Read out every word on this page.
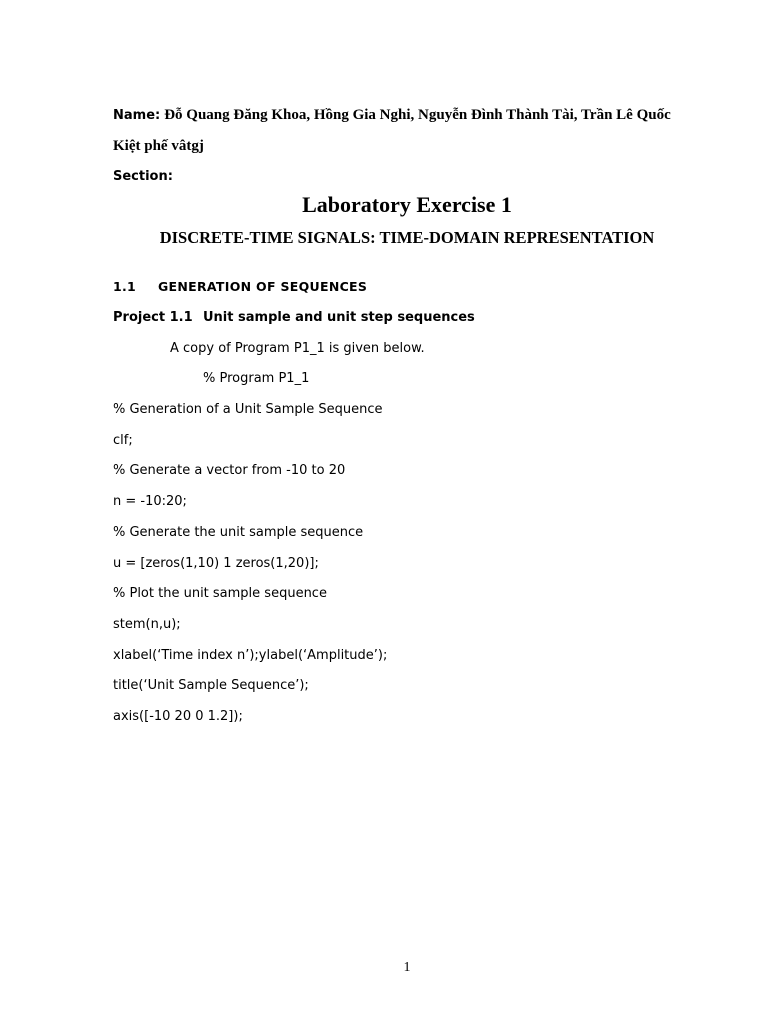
Name: Đỗ Quang Đăng Khoa, Hồng Gia Nghi, Nguyễn Đình Thành Tài, Trần Lê Quốc
Kiệt phế vâtgj
Section:
Laboratory Exercise 1
DISCRETE-TIME SIGNALS: TIME-DOMAIN REPRESENTATION
1.1 GENERATION OF SEQUENCES
Project 1.1 Unit sample and unit step sequences
A copy of Program P1_1 is given below.
% Program P1_1
% Generation of a Unit Sample Sequence
clf;
% Generate a vector from -10 to 20
n = -10:20;
% Generate the unit sample sequence
u = [zeros(1,10) 1 zeros(1,20)];
% Plot the unit sample sequence
stem(n,u);
xlabel(‘Time index n’);ylabel(‘Amplitude’);
title(‘Unit Sample Sequence’);
axis([-10 20 0 1.2]);
1
